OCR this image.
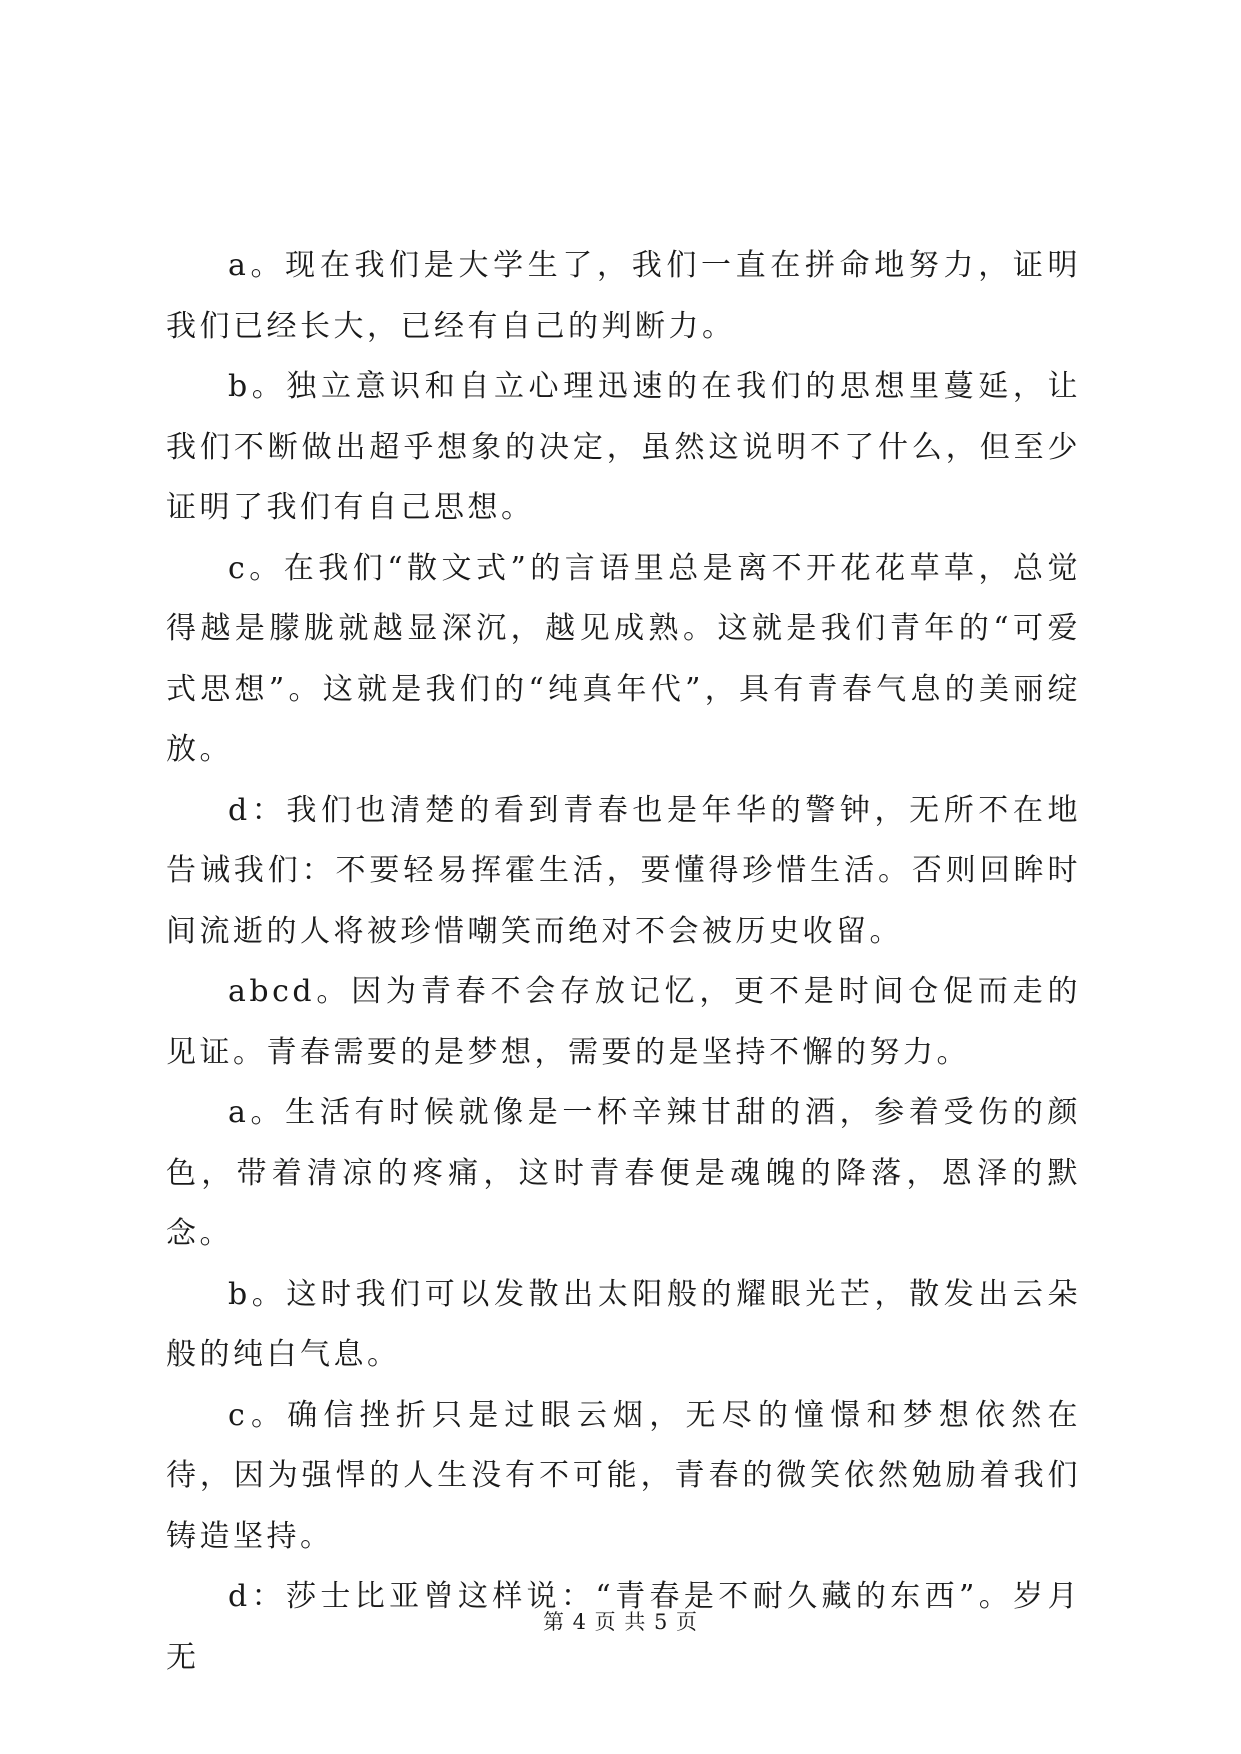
a。现在我们是大学生了，我们一直在拼命地努力，证明我们已经长大，已经有自己的判断力。

b。独立意识和自立心理迅速的在我们的思想里蔓延，让我们不断做出超乎想象的决定，虽然这说明不了什么，但至少证明了我们有自己思想。

c。在我们“散文式”的言语里总是离不开花花草草，总觉得越是朦胧就越显深沉，越见成熟。这就是我们青年的“可爱式思想”。这就是我们的“纯真年代”，具有青春气息的美丽绽放。

d：我们也清楚的看到青春也是年华的警钟，无所不在地告诫我们：不要轻易挥霍生活，要懂得珍惜生活。否则回眸时间流逝的人将被珍惜嘲笑而绝对不会被历史收留。

abcd。因为青春不会存放记忆，更不是时间仓促而走的见证。青春需要的是梦想，需要的是坚持不懈的努力。

a。生活有时候就像是一杯辛辣甘甜的酒，参着受伤的颜色，带着清凉的疼痛，这时青春便是魂魄的降落，恩泽的默念。

b。这时我们可以发散出太阳般的耀眼光芒，散发出云朵般的纯白气息。

c。确信挫折只是过眼云烟，无尽的憧憬和梦想依然在待，因为强悍的人生没有不可能，青春的微笑依然勉励着我们铸造坚持。

d：莎士比亚曾这样说：“青春是不耐久藏的东西”。岁月无

第 4 页 共 5 页
